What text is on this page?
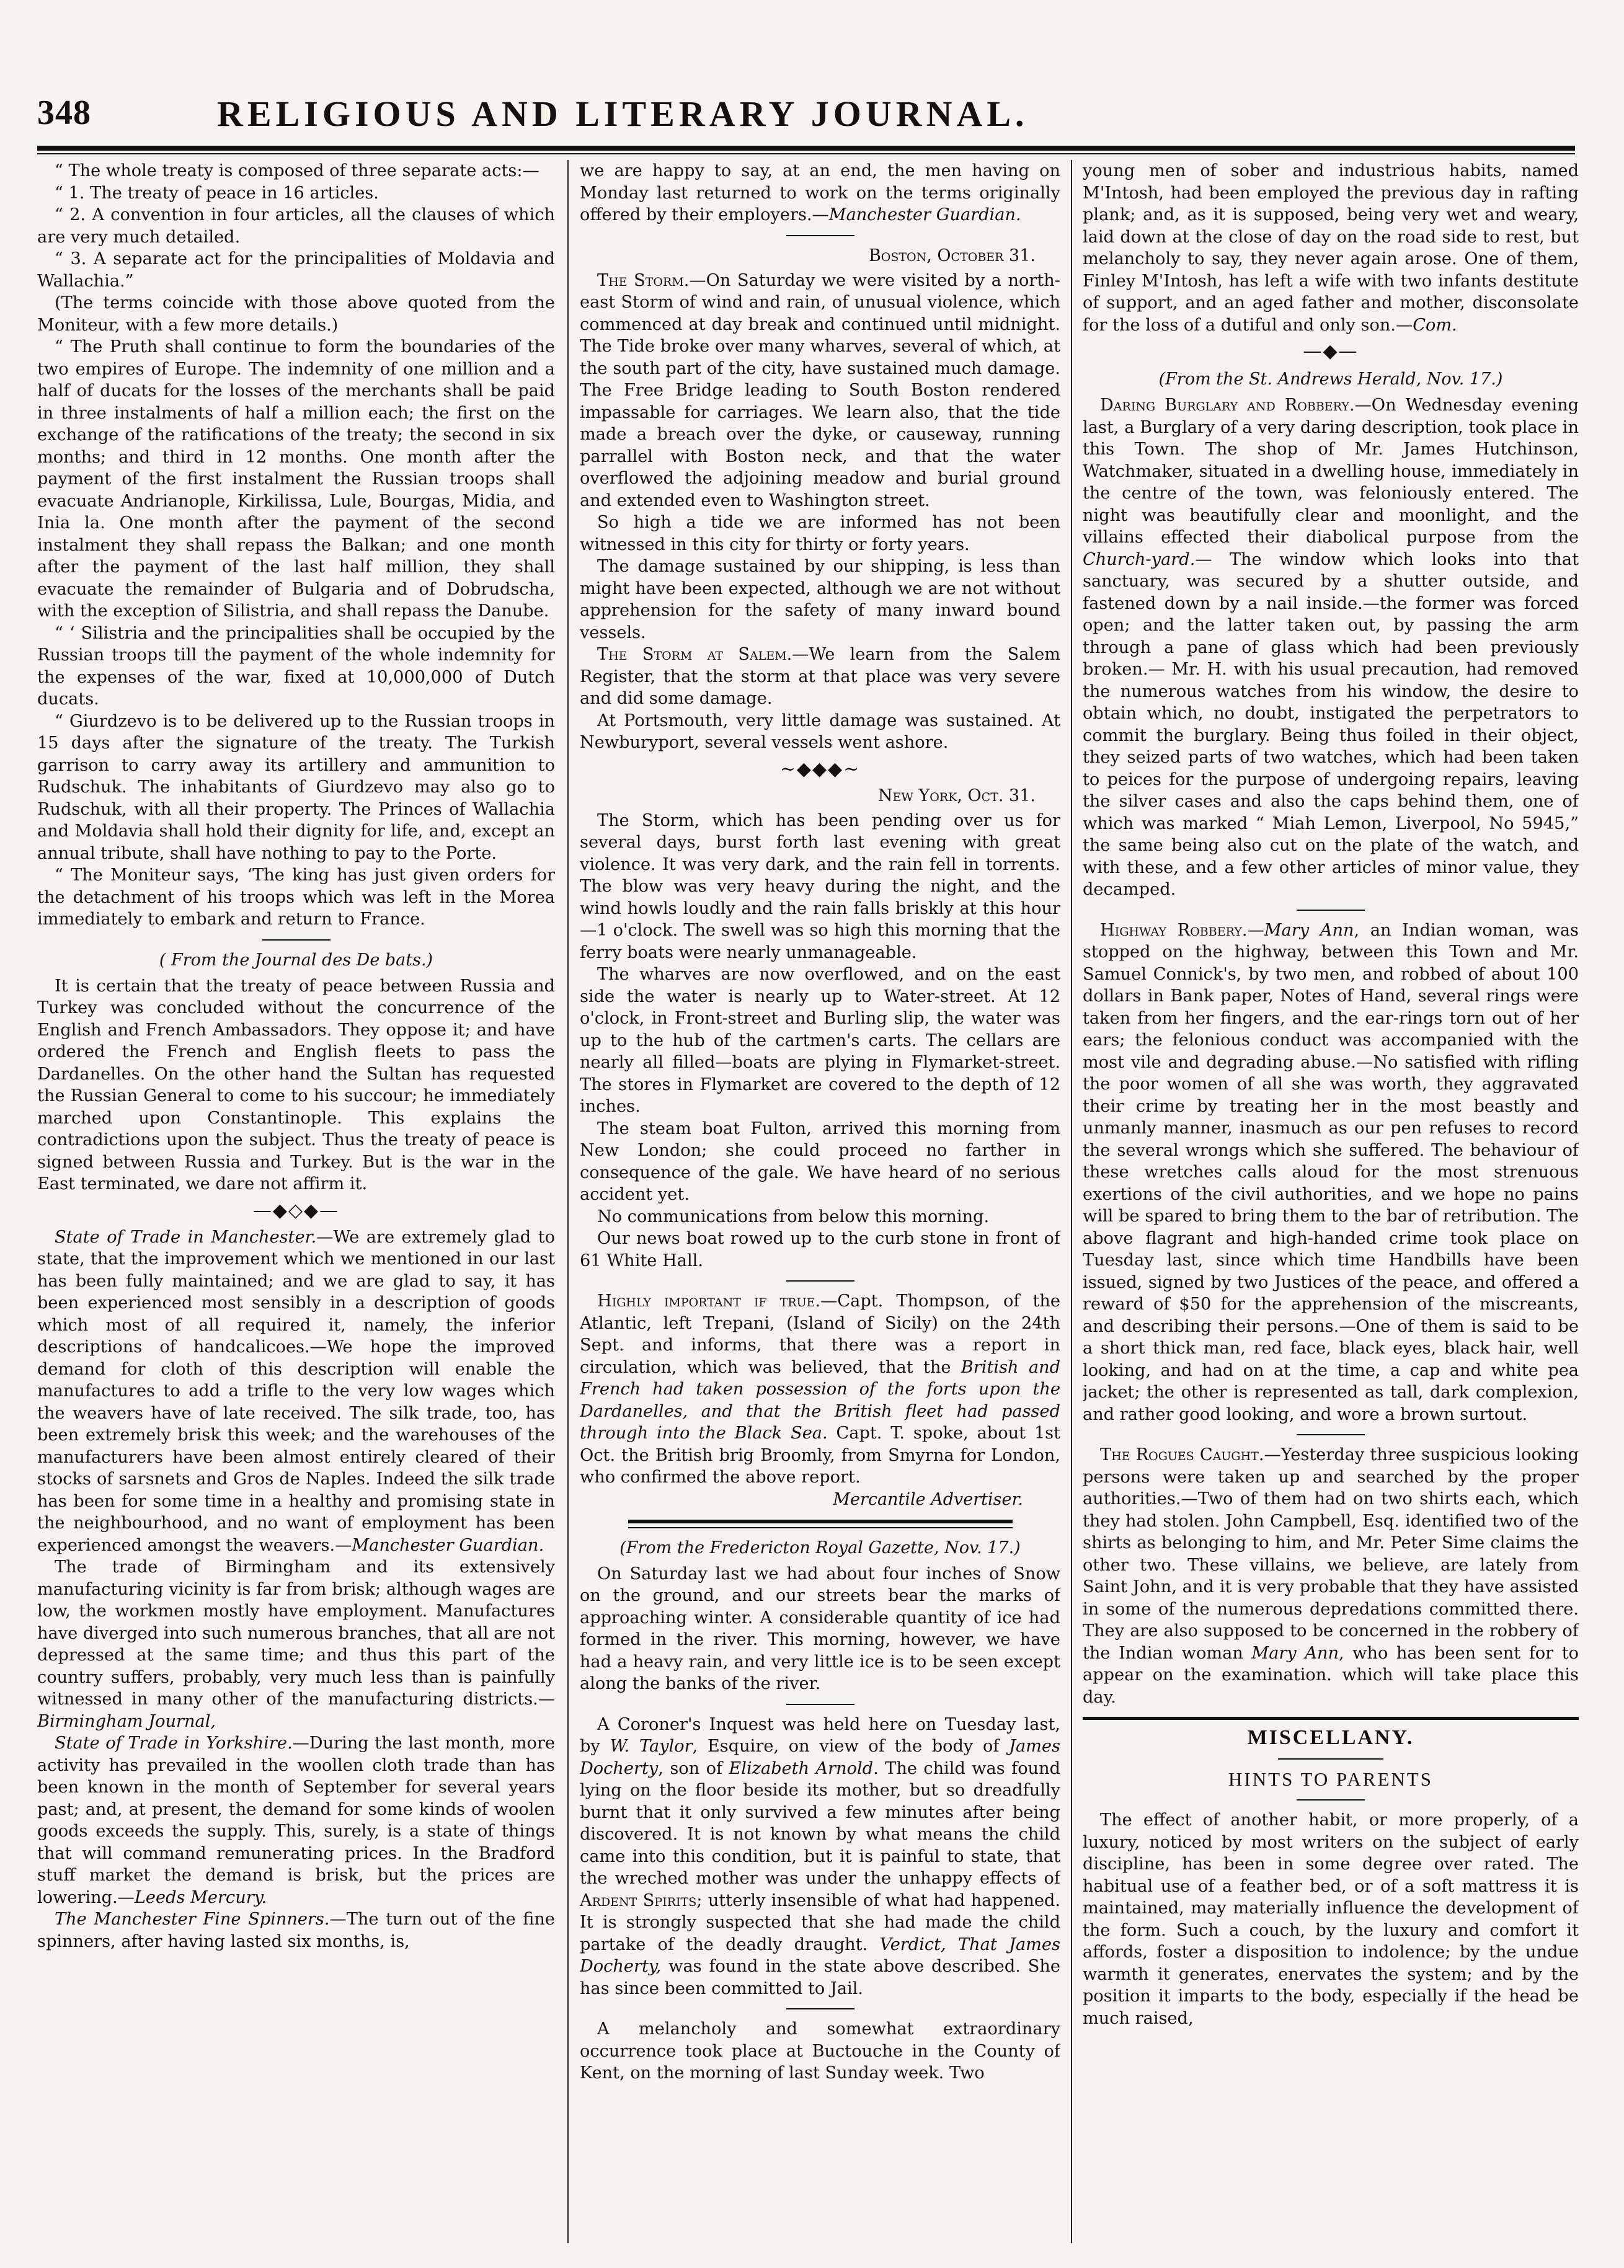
348	RELIGIOUS AND LITERARY JOURNAL.

“ The whole treaty is composed of three separate acts:—

“ 1. The treaty of peace in 16 articles.

“ 2. A convention in four articles, all the clauses of which are very much detailed.

“ 3. A separate act for the principalities of Moldavia and Wallachia.”

(The terms coincide with those above quoted from the Moniteur, with a few more details.)

“ The Pruth shall continue to form the boundaries of the two empires of Europe. The indemnity of one million and a half of ducats for the losses of the merchants shall be paid in three instalments of half a million each; the first on the exchange of the ratifications of the treaty; the second in six months; and third in 12 months. One month after the payment of the first instalment the Russian troops shall evacuate Andrianople, Kirkilissa, Lule, Bourgas, Midia, and Inia la. One month after the payment of the second instalment they shall repass the Balkan; and one month after the payment of the last half million, they shall evacuate the remainder of Bulgaria and of Dobrudscha, with the exception of Silistria, and shall repass the Danube.

“ ‘ Silistria and the principalities shall be occupied by the Russian troops till the payment of the whole indemnity for the expenses of the war, fixed at 10,000,000 of Dutch ducats.

“ Giurdzevo is to be delivered up to the Russian troops in 15 days after the signature of the treaty. The Turkish garrison to carry away its artillery and ammunition to Rudschuk. The inhabitants of Giurdzevo may also go to Rudschuk, with all their property. The Princes of Wallachia and Moldavia shall hold their dignity for life, and, except an annual tribute, shall have nothing to pay to the Porte.

“ The Moniteur says, ‘The king has just given orders for the detachment of his troops which was left in the Morea immediately to embark and return to France.

( From the Journal des De bats.)

It is certain that the treaty of peace between Russia and Turkey was concluded without the concurrence of the English and French Ambassadors. They oppose it; and have ordered the French and English fleets to pass the Dardanelles. On the other hand the Sultan has requested the Russian General to come to his succour; he immediately marched upon Constantinople. This explains the contradictions upon the subject. Thus the treaty of peace is signed between Russia and Turkey. But is the war in the East terminated, we dare not affirm it.

—◆◇◆—

State of Trade in Manchester.—We are extremely glad to state, that the improvement which we mentioned in our last has been fully maintained; and we are glad to say, it has been experienced most sensibly in a description of goods which most of all required it, namely, the inferior descriptions of handcalicoes.—We hope the improved demand for cloth of this description will enable the manufactures to add a trifle to the very low wages which the weavers have of late received. The silk trade, too, has been extremely brisk this week; and the warehouses of the manufacturers have been almost entirely cleared of their stocks of sarsnets and Gros de Naples. Indeed the silk trade has been for some time in a healthy and promising state in the neighbourhood, and no want of employment has been experienced amongst the weavers.—Manchester Guardian.

The trade of Birmingham and its extensively manufacturing vicinity is far from brisk; although wages are low, the workmen mostly have employment. Manufactures have diverged into such numerous branches, that all are not depressed at the same time; and thus this part of the country suffers, probably, very much less than is painfully witnessed in many other of the manufacturing districts.—Birmingham Journal,

State of Trade in Yorkshire.—During the last month, more activity has prevailed in the woollen cloth trade than has been known in the month of September for several years past; and, at present, the demand for some kinds of woolen goods exceeds the supply. This, surely, is a state of things that will command remunerating prices. In the Bradford stuff market the demand is brisk, but the prices are lowering.—Leeds Mercury.

The Manchester Fine Spinners.—The turn out of the fine spinners, after having lasted six months, is,

we are happy to say, at an end, the men having on Monday last returned to work on the terms originally offered by their employers.—Manchester Guardian.

Boston, October 31.

The Storm.—On Saturday we were visited by a north-east Storm of wind and rain, of unusual violence, which commenced at day break and continued until midnight. The Tide broke over many wharves, several of which, at the south part of the city, have sustained much damage. The Free Bridge leading to South Boston rendered impassable for carriages. We learn also, that the tide made a breach over the dyke, or causeway, running parrallel with Boston neck, and that the water overflowed the adjoining meadow and burial ground and extended even to Washington street.

So high a tide we are informed has not been witnessed in this city for thirty or forty years.

The damage sustained by our shipping, is less than might have been expected, although we are not without apprehension for the safety of many inward bound vessels.

The Storm at Salem.—We learn from the Salem Register, that the storm at that place was very severe and did some damage.

At Portsmouth, very little damage was sustained. At Newburyport, several vessels went ashore.

~◆◆◆~
New York, Oct. 31.

The Storm, which has been pending over us for several days, burst forth last evening with great violence. It was very dark, and the rain fell in torrents. The blow was very heavy during the night, and the wind howls loudly and the rain falls briskly at this hour—1 o'clock. The swell was so high this morning that the ferry boats were nearly unmanageable.

The wharves are now overflowed, and on the east side the water is nearly up to Water-street. At 12 o'clock, in Front-street and Burling slip, the water was up to the hub of the cartmen's carts. The cellars are nearly all filled—boats are plying in Flymarket-street. The stores in Flymarket are covered to the depth of 12 inches.

The steam boat Fulton, arrived this morning from New London; she could proceed no farther in consequence of the gale. We have heard of no serious accident yet.

No communications from below this morning.

Our news boat rowed up to the curb stone in front of 61 White Hall.

Highly important if true.—Capt. Thompson, of the Atlantic, left Trepani, (Island of Sicily) on the 24th Sept. and informs, that there was a report in circulation, which was believed, that the British and French had taken possession of the forts upon the Dardanelles, and that the British fleet had passed through into the Black Sea. Capt. T. spoke, about 1st Oct. the British brig Broomly, from Smyrna for London, who confirmed the above report.

Mercantile Advertiser.
(From the Fredericton Royal Gazette, Nov. 17.)

On Saturday last we had about four inches of Snow on the ground, and our streets bear the marks of approaching winter. A considerable quantity of ice had formed in the river. This morning, however, we have had a heavy rain, and very little ice is to be seen except along the banks of the river.

A Coroner's Inquest was held here on Tuesday last, by W. Taylor, Esquire, on view of the body of James Docherty, son of Elizabeth Arnold. The child was found lying on the floor beside its mother, but so dreadfully burnt that it only survived a few minutes after being discovered. It is not known by what means the child came into this condition, but it is painful to state, that the wreched mother was under the unhappy effects of Ardent Spirits; utterly insensible of what had happened. It is strongly suspected that she had made the child partake of the deadly draught. Verdict, That James Docherty, was found in the state above described. She has since been committed to Jail.

A melancholy and somewhat extraordinary occurrence took place at Buctouche in the County of Kent, on the morning of last Sunday week. Two

young men of sober and industrious habits, named M'Intosh, had been employed the previous day in rafting plank; and, as it is supposed, being very wet and weary, laid down at the close of day on the road side to rest, but melancholy to say, they never again arose. One of them, Finley M'Intosh, has left a wife with two infants destitute of support, and an aged father and mother, disconsolate for the loss of a dutiful and only son.—Com.

—◆—
(From the St. Andrews Herald, Nov. 17.)

Daring Burglary and Robbery.—On Wednesday evening last, a Burglary of a very daring description, took place in this Town. The shop of Mr. James Hutchinson, Watchmaker, situated in a dwelling house, immediately in the centre of the town, was feloniously entered. The night was beautifully clear and moonlight, and the villains effected their diabolical purpose from the Church-yard.— The window which looks into that sanctuary, was secured by a shutter outside, and fastened down by a nail inside.—the former was forced open; and the latter taken out, by passing the arm through a pane of glass which had been previously broken.— Mr. H. with his usual precaution, had removed the numerous watches from his window, the desire to obtain which, no doubt, instigated the perpetrators to commit the burglary. Being thus foiled in their object, they seized parts of two watches, which had been taken to peices for the purpose of undergoing repairs, leaving the silver cases and also the caps behind them, one of which was marked “ Miah Lemon, Liverpool, No 5945,” the same being also cut on the plate of the watch, and with these, and a few other articles of minor value, they decamped.

Highway Robbery.—Mary Ann, an Indian woman, was stopped on the highway, between this Town and Mr. Samuel Connick's, by two men, and robbed of about 100 dollars in Bank paper, Notes of Hand, several rings were taken from her fingers, and the ear-rings torn out of her ears; the felonious conduct was accompanied with the most vile and degrading abuse.—No satisfied with rifling the poor women of all she was worth, they aggravated their crime by treating her in the most beastly and unmanly manner, inasmuch as our pen refuses to record the several wrongs which she suffered. The behaviour of these wretches calls aloud for the most strenuous exertions of the civil authorities, and we hope no pains will be spared to bring them to the bar of retribution. The above flagrant and high-handed crime took place on Tuesday last, since which time Handbills have been issued, signed by two Justices of the peace, and offered a reward of $50 for the apprehension of the miscreants, and describing their persons.—One of them is said to be a short thick man, red face, black eyes, black hair, well looking, and had on at the time, a cap and white pea jacket; the other is represented as tall, dark complexion, and rather good looking, and wore a brown surtout.

The Rogues Caught.—Yesterday three suspicious looking persons were taken up and searched by the proper authorities.—Two of them had on two shirts each, which they had stolen. John Campbell, Esq. identified two of the shirts as belonging to him, and Mr. Peter Sime claims the other two. These villains, we believe, are lately from Saint John, and it is very probable that they have assisted in some of the numerous depredations committed there. They are also supposed to be concerned in the robbery of the Indian woman Mary Ann, who has been sent for to appear on the examination. which will take place this day.

MISCELLANY.
HINTS TO PARENTS

The effect of another habit, or more properly, of a luxury, noticed by most writers on the subject of early discipline, has been in some degree over rated. The habitual use of a feather bed, or of a soft mattress it is maintained, may materially influence the development of the form. Such a couch, by the luxury and comfort it affords, foster a disposition to indolence; by the undue warmth it generates, enervates the system; and by the position it imparts to the body, especially if the head be much raised,
